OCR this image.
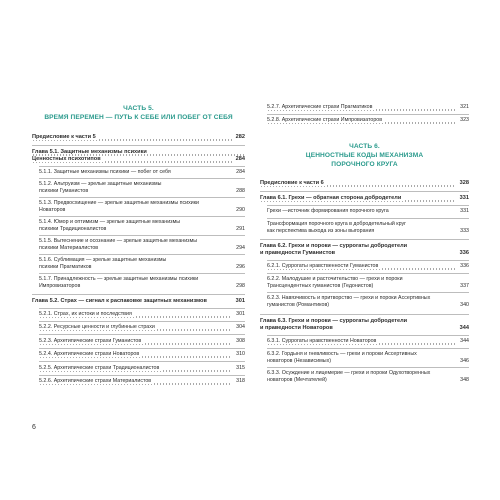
ЧАСТЬ 5.
ВРЕМЯ ПЕРЕМЕН — ПУТЬ К СЕБЕ ИЛИ ПОБЕГ ОТ СЕБЯ
Предисловие к части 5	282
Глава 5.1. Защитные механизмы психики
Ценностных психотипов	284
5.1.1. Защитные механизмы психики — побег от себя	284
5.1.2. Альтруизм — зрелые защитные механизмы
психики Гуманистов	288
5.1.3. Предвосхищение — зрелые защитные механизмы психики
Новаторов	290
5.1.4. Юмор и оптимизм — зрелые защитные механизмы
психики Традиционалистов	291
5.1.5. Вытеснение и осознание — зрелые защитные механизмы
психики Материалистов	294
5.1.6. Сублимация — зрелые защитные механизмы
психики Прагматиков	296
5.1.7. Принадлежность — зрелые защитные механизмы психики
Импровизаторов	298
Глава 5.2. Страх — сигнал к распаковке защитных механизмов	301
5.2.1. Страх, их истоки и последствия	301
5.2.2. Ресурсные ценности и глубинные страхи	304
5.2.3. Архетипические страхи Гуманистов	308
5.2.4. Архетипические страхи Новаторов	310
5.2.5. Архетипические страхи Традиционалистов	315
5.2.6. Архетипические страхи Материалистов	318
5.2.7. Архетипические страхи Прагматиков	321
5.2.8. Архетипические страхи Импровизаторов	323
ЧАСТЬ 6.
ЦЕННОСТНЫЕ КОДЫ МЕХАНИЗМА
ПОРОЧНОГО КРУГА
Предисловие к части 6	328
Глава 6.1. Грехи — обратная сторона добродетели	331
Грехи —источник формирования порочного круга	331
Трансформация порочного круга в добродетельный круг
как перспектива выхода из зоны выгорания	333
Глава 6.2. Грехи и пороки — суррогаты добродетели
и праведности Гуманистов	336
6.2.1. Суррогаты нравственности Гуманистов	336
6.2.2. Малодушие и расточительство — грехи и пороки
Трансцендентных гуманистов (Гедонистов)	337
6.2.3. Навязчивость и притворство — грехи и пороки Ассертивных
гуманистов (Романтиков)	340
Глава 6.3. Грехи и пороки — суррогаты добродетели
и праведности Новаторов	344
6.3.1. Суррогаты нравственности Новаторов	344
6.3.2. Гордыня и гневливость — грехи и пороки Ассертивных
новаторов (Независимых)	346
6.3.3. Осуждение и лицемерие — грехи и пороки Одухотворенных
новаторов (Мечтателей)	348
6
